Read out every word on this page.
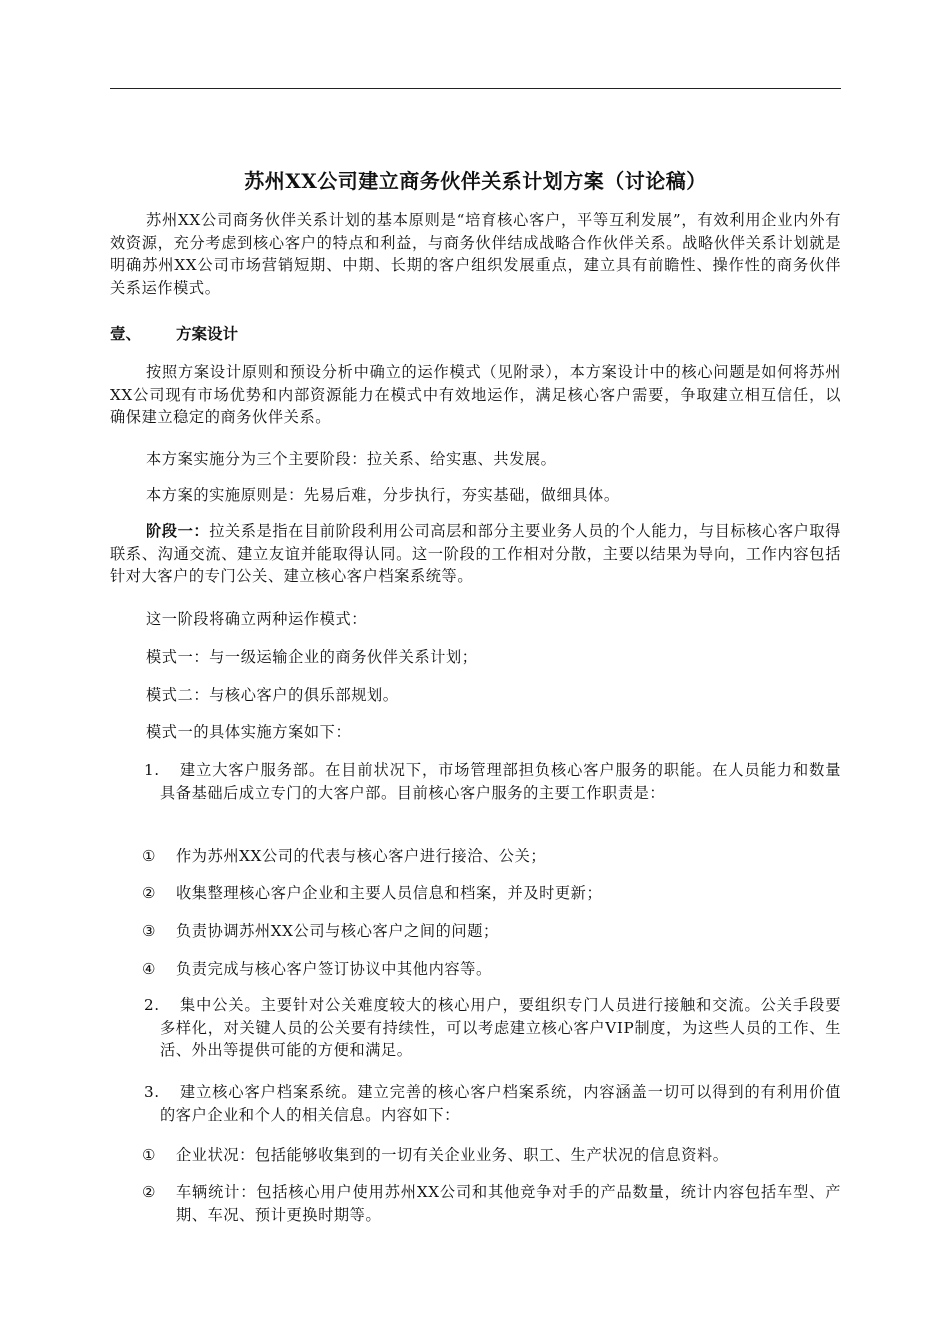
苏州XX公司建立商务伙伴关系计划方案（讨论稿）
苏州XX公司商务伙伴关系计划的基本原则是“培育核心客户，平等互利发展”，有效利用企业内外有效资源，充分考虑到核心客户的特点和利益，与商务伙伴结成战略合作伙伴关系。战略伙伴关系计划就是明确苏州XX公司市场营销短期、中期、长期的客户组织发展重点，建立具有前瞻性、操作性的商务伙伴关系运作模式。
壹、 方案设计
按照方案设计原则和预设分析中确立的运作模式（见附录），本方案设计中的核心问题是如何将苏州XX公司现有市场优势和内部资源能力在模式中有效地运作，满足核心客户需要，争取建立相互信任，以确保建立稳定的商务伙伴关系。
本方案实施分为三个主要阶段：拉关系、给实惠、共发展。
本方案的实施原则是：先易后难，分步执行，夯实基础，做细具体。
阶段一：拉关系是指在目前阶段利用公司高层和部分主要业务人员的个人能力，与目标核心客户取得联系、沟通交流、建立友谊并能取得认同。这一阶段的工作相对分散，主要以结果为导向，工作内容包括针对大客户的专门公关、建立核心客户档案系统等。
这一阶段将确立两种运作模式：
模式一：与一级运输企业的商务伙伴关系计划；
模式二：与核心客户的俱乐部规划。
模式一的具体实施方案如下：
1.	建立大客户服务部。在目前状况下，市场管理部担负核心客户服务的职能。在人员能力和数量具备基础后成立专门的大客户部。目前核心客户服务的主要工作职责是：
① 作为苏州XX公司的代表与核心客户进行接洽、公关；
② 收集整理核心客户企业和主要人员信息和档案，并及时更新；
③ 负责协调苏州XX公司与核心客户之间的问题；
④ 负责完成与核心客户签订协议中其他内容等。
2.	集中公关。主要针对公关难度较大的核心用户，要组织专门人员进行接触和交流。公关手段要多样化，对关键人员的公关要有持续性，可以考虑建立核心客户VIP制度，为这些人员的工作、生活、外出等提供可能的方便和满足。
3.	建立核心客户档案系统。建立完善的核心客户档案系统，内容涵盖一切可以得到的有利用价值的客户企业和个人的相关信息。内容如下：
① 企业状况：包括能够收集到的一切有关企业业务、职工、生产状况的信息资料。
② 车辆统计：包括核心用户使用苏州XX公司和其他竞争对手的产品数量，统计内容包括车型、产期、车况、预计更换时期等。
